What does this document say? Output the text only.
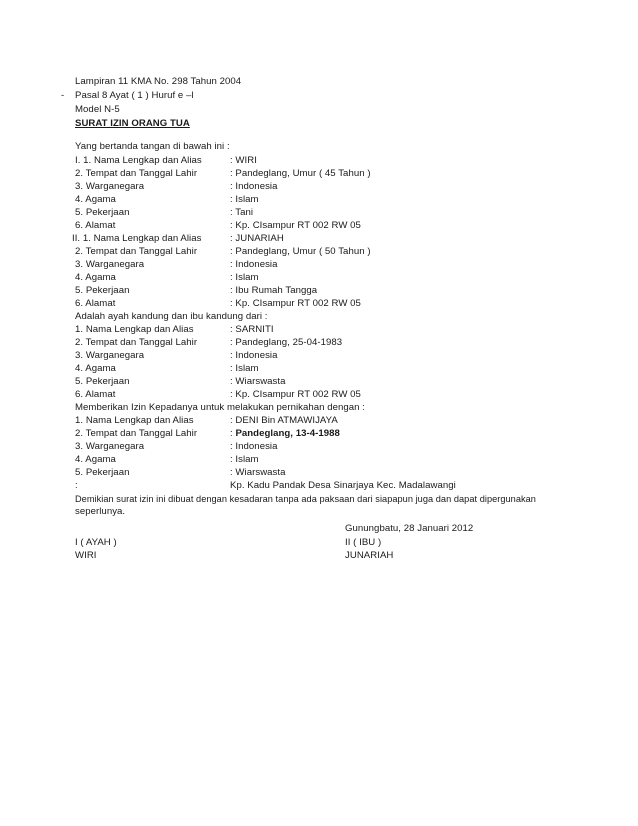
Lampiran 11 KMA No. 298 Tahun 2004
- Pasal 8 Ayat ( 1 ) Huruf e –l
Model N-5
SURAT IZIN ORANG TUA
Yang bertanda tangan di bawah ini :
I. 1. Nama Lengkap dan Alias	: WIRI
2. Tempat dan Tanggal Lahir	: Pandeglang, Umur ( 45 Tahun )
3. Warganegara	: Indonesia
4. Agama	: Islam
5. Pekerjaan	: Tani
6. Alamat	: Kp. CIsampur RT 002 RW 05
II. 1. Nama Lengkap dan Alias	: JUNARIAH
2. Tempat dan Tanggal Lahir	: Pandeglang, Umur ( 50 Tahun )
3. Warganegara	: Indonesia
4. Agama	: Islam
5. Pekerjaan	: Ibu Rumah Tangga
6. Alamat	: Kp. CIsampur RT 002 RW 05
Adalah ayah kandung dan ibu kandung dari :
1. Nama Lengkap dan Alias	: SARNITI
2. Tempat dan Tanggal Lahir	: Pandeglang, 25-04-1983
3. Warganegara	: Indonesia
4. Agama	: Islam
5. Pekerjaan	: Wiarswasta
6. Alamat	: Kp. CIsampur RT 002 RW 05
Memberikan Izin Kepadanya untuk melakukan pernikahan dengan :
1. Nama Lengkap dan Alias	: DENI Bin ATMAWIJAYA
2. Tempat dan Tanggal Lahir	: Pandeglang, 13-4-1988
3. Warganegara	: Indonesia
4. Agama	: Islam
5. Pekerjaan	: Wiarswasta
:	Kp. Kadu Pandak Desa Sinarjaya Kec. Madalawangi
Demikian surat izin ini dibuat dengan kesadaran tanpa ada paksaan dari siapapun juga dan dapat dipergunakan
seperlunya.
Gunungbatu, 28 Januari 2012
I ( AYAH )	II ( IBU )
WIRI	JUNARIAH
